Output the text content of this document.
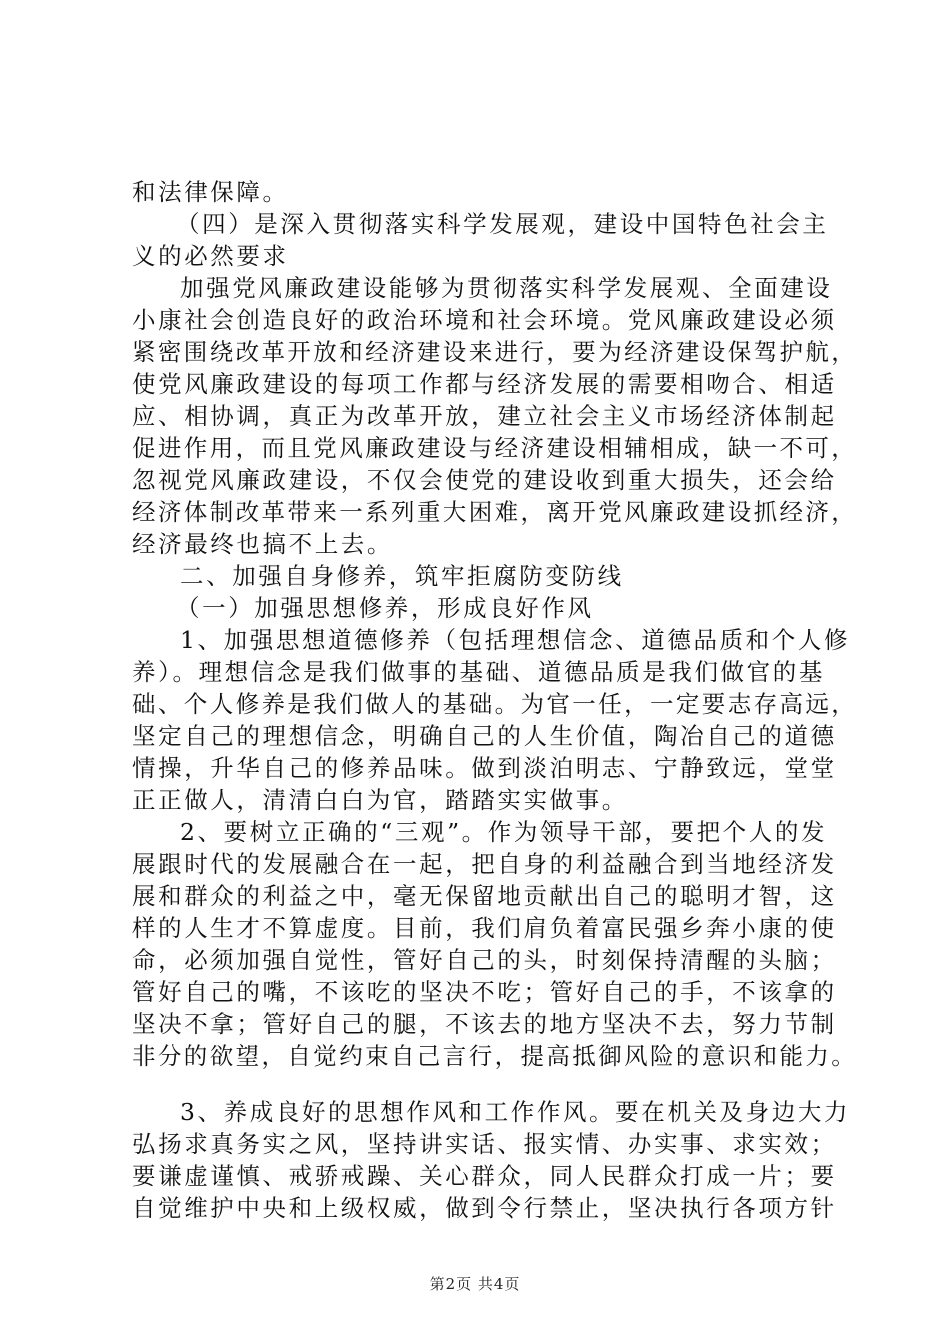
和法律保障。
（四）是深入贯彻落实科学发展观，建设中国特色社会主
义的必然要求
加强党风廉政建设能够为贯彻落实科学发展观、全面建设
小康社会创造良好的政治环境和社会环境。党风廉政建设必须
紧密围绕改革开放和经济建设来进行，要为经济建设保驾护航，
使党风廉政建设的每项工作都与经济发展的需要相吻合、相适
应、相协调，真正为改革开放，建立社会主义市场经济体制起
促进作用，而且党风廉政建设与经济建设相辅相成，缺一不可，
忽视党风廉政建设，不仅会使党的建设收到重大损失，还会给
经济体制改革带来一系列重大困难，离开党风廉政建设抓经济，
经济最终也搞不上去。
二、加强自身修养，筑牢拒腐防变防线
（一）加强思想修养，形成良好作风
1、加强思想道德修养（包括理想信念、道德品质和个人修
养）。理想信念是我们做事的基础、道德品质是我们做官的基
础、个人修养是我们做人的基础。为官一任，一定要志存高远，
坚定自己的理想信念，明确自己的人生价值，陶冶自己的道德
情操，升华自己的修养品味。做到淡泊明志、宁静致远，堂堂
正正做人，清清白白为官，踏踏实实做事。
2、要树立正确的“三观”。作为领导干部，要把个人的发
展跟时代的发展融合在一起，把自身的利益融合到当地经济发
展和群众的利益之中，毫无保留地贡献出自己的聪明才智，这
样的人生才不算虚度。目前，我们肩负着富民强乡奔小康的使
命，必须加强自觉性，管好自己的头，时刻保持清醒的头脑；
管好自己的嘴，不该吃的坚决不吃；管好自己的手，不该拿的
坚决不拿；管好自己的腿，不该去的地方坚决不去，努力节制
非分的欲望，自觉约束自己言行，提高抵御风险的意识和能力。
3、养成良好的思想作风和工作作风。要在机关及身边大力
弘扬求真务实之风，坚持讲实话、报实情、办实事、求实效；
要谦虚谨慎、戒骄戒躁、关心群众，同人民群众打成一片；要
自觉维护中央和上级权威，做到令行禁止，坚决执行各项方针
第2页 共4页
